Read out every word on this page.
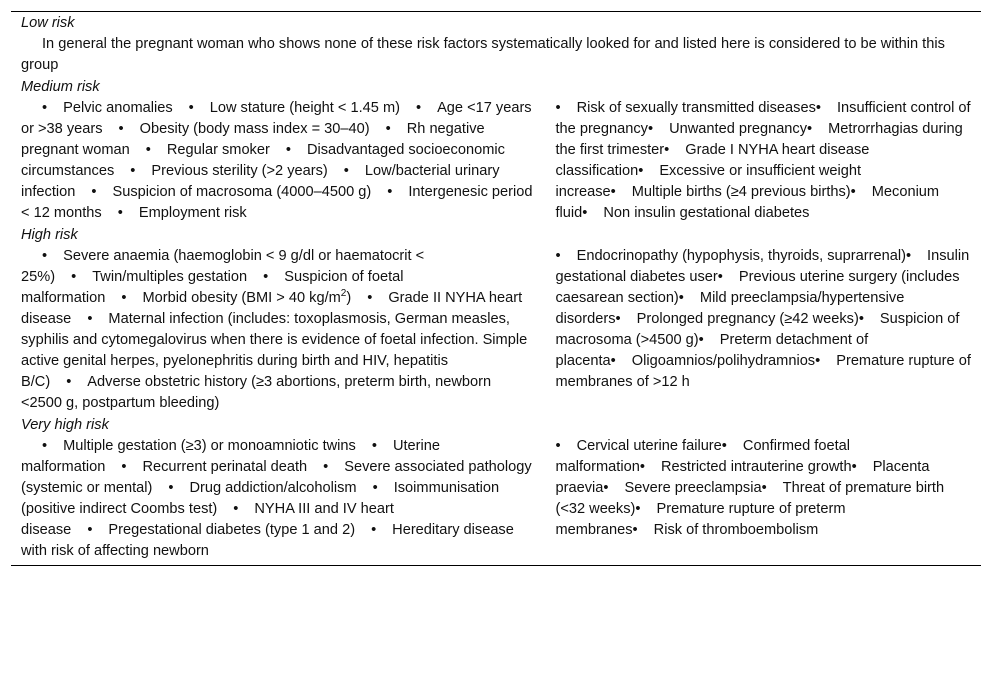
Low risk

In general the pregnant woman who shows none of these risk factors systematically looked for and listed here is considered to be within this group

Medium risk
• Pelvic anomalies • Low stature (height < 1.45 m) • Age <17 years or >38 years • Obesity (body mass index = 30–40) • Rh negative pregnant woman • Regular smoker • Disadvantaged socioeconomic circumstances • Previous sterility (>2 years) • Low/bacterial urinary infection • Suspicion of macrosoma (4000–4500 g) • Intergenesic period < 12 months • Employment risk
• Risk of sexually transmitted diseases• Insufficient control of the pregnancy• Unwanted pregnancy• Metrorrhagias during the first trimester• Grade I NYHA heart disease classification• Excessive or insufficient weight increase• Multiple births (≥4 previous births)• Meconium fluid• Non insulin gestational diabetes
High risk
• Severe anaemia (haemoglobin < 9 g/dl or haematocrit < 25%) • Twin/multiples gestation • Suspicion of foetal malformation • Morbid obesity (BMI > 40 $kg/m^2$) • Grade II NYHA heart disease • Maternal infection (includes: toxoplasmosis, German measles, syphilis and cytomegalovirus when there is evidence of foetal infection. Simple active genital herpes, pyelonephritis during birth and HIV, hepatitis B/C) • Adverse obstetric history (≥3 abortions, preterm birth, newborn <2500 g, postpartum bleeding)
• Endocrinopathy (hypophysis, thyroids, suprarrenal)• Insulin gestational diabetes user• Previous uterine surgery (includes caesarean section)• Mild preeclampsia/hypertensive disorders• Prolonged pregnancy (≥42 weeks)• Suspicion of macrosoma (>4500 g)• Preterm detachment of placenta• Oligoamnios/polihydramnios• Premature rupture of membranes of >12 h
Very high risk
• Multiple gestation (≥3) or monoamniotic twins • Uterine malformation • Recurrent perinatal death • Severe associated pathology (systemic or mental) • Drug addiction/alcoholism • Isoimmunisation (positive indirect Coombs test) • NYHA III and IV heart disease • Pregestational diabetes (type 1 and 2) • Hereditary disease with risk of affecting newborn
• Cervical uterine failure• Confirmed foetal malformation• Restricted intrauterine growth• Placenta praevia• Severe preeclampsia• Threat of premature birth (<32 weeks)• Premature rupture of preterm membranes• Risk of thromboembolism
